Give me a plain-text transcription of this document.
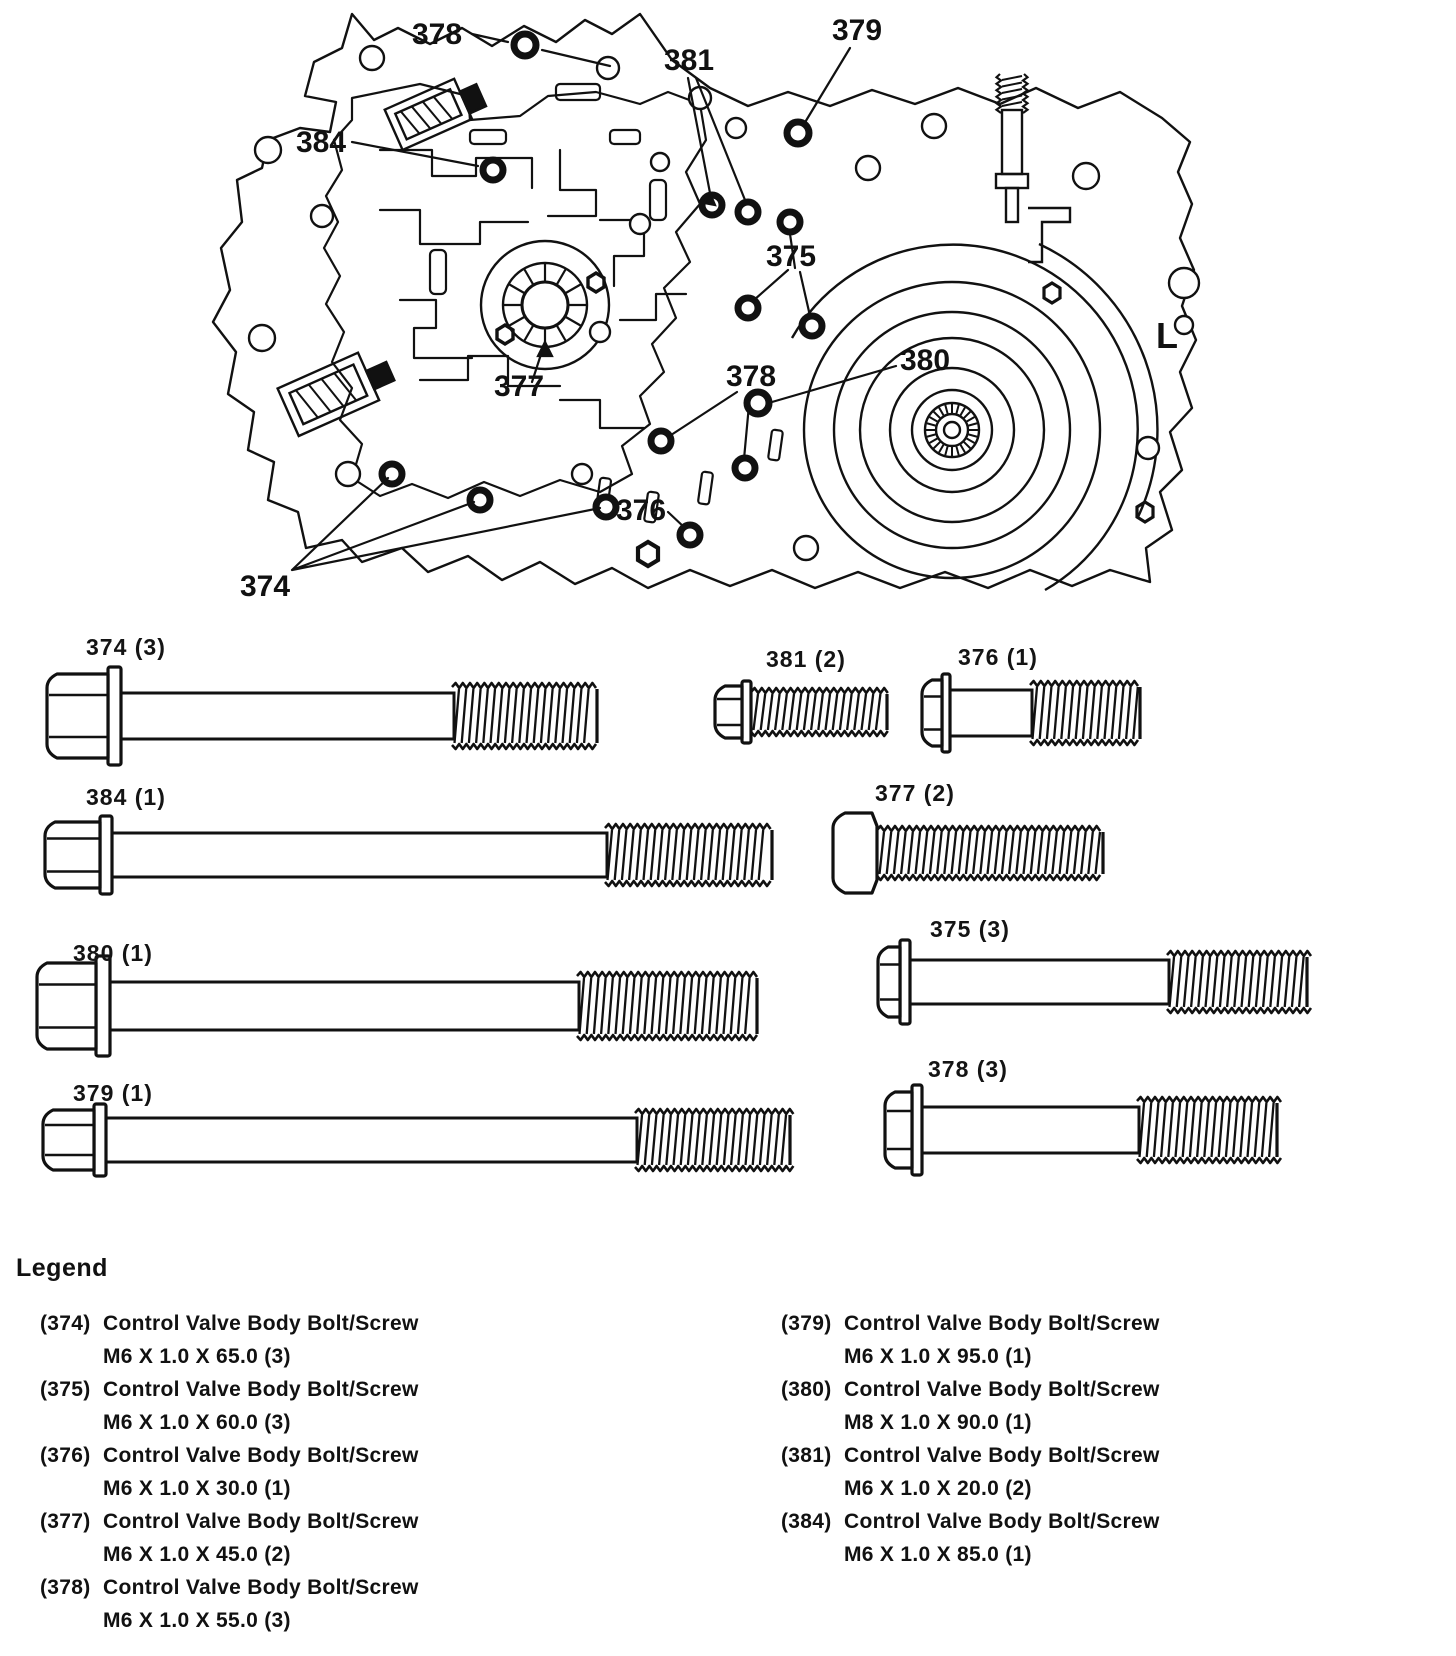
378
384
381
379
375
377	378	380
376
374
L
374 (3)	381 (2)	376 (1)
384 (1)	377 (2)
380 (1)
375 (3)
379 (1)
378 (3)
Legend
(374) Control Valve Body Bolt/Screw
M6 X 1.0 X 65.0 (3)
(375) Control Valve Body Bolt/Screw
M6 X 1.0 X 60.0 (3)
(376) Control Valve Body Bolt/Screw
M6 X 1.0 X 30.0 (1)
(377) Control Valve Body Bolt/Screw
M6 X 1.0 X 45.0 (2)
(378) Control Valve Body Bolt/Screw
M6 X 1.0 X 55.0 (3)
(379) Control Valve Body Bolt/Screw
M6 X 1.0 X 95.0 (1)
(380) Control Valve Body Bolt/Screw
M8 X 1.0 X 90.0 (1)
(381) Control Valve Body Bolt/Screw
M6 X 1.0 X 20.0 (2)
(384) Control Valve Body Bolt/Screw
M6 X 1.0 X 85.0 (1)
